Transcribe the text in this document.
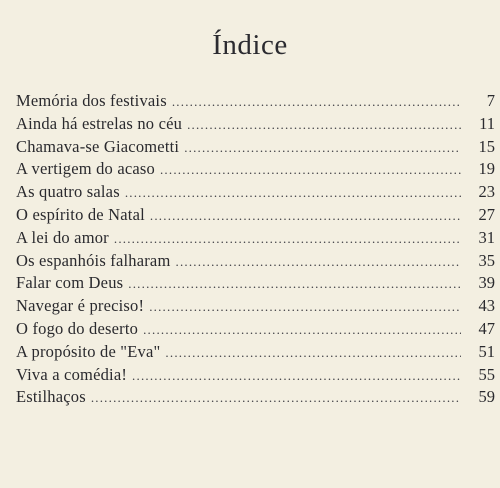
Índice
Memória dos festivais .....	7
Ainda há estrelas no céu .....	11
Chamava-se Giacometti .....	15
A vertigem do acaso .....	19
As quatro salas .....	23
O espírito de Natal .....	27
A lei do amor .....	31
Os espanhóis falharam .....	35
Falar com Deus .....	39
Navegar é preciso! .....	43
O fogo do deserto .....	47
A propósito de "Eva" .....	51
Viva a comédia! .....	55
Estilhaços .....	59
